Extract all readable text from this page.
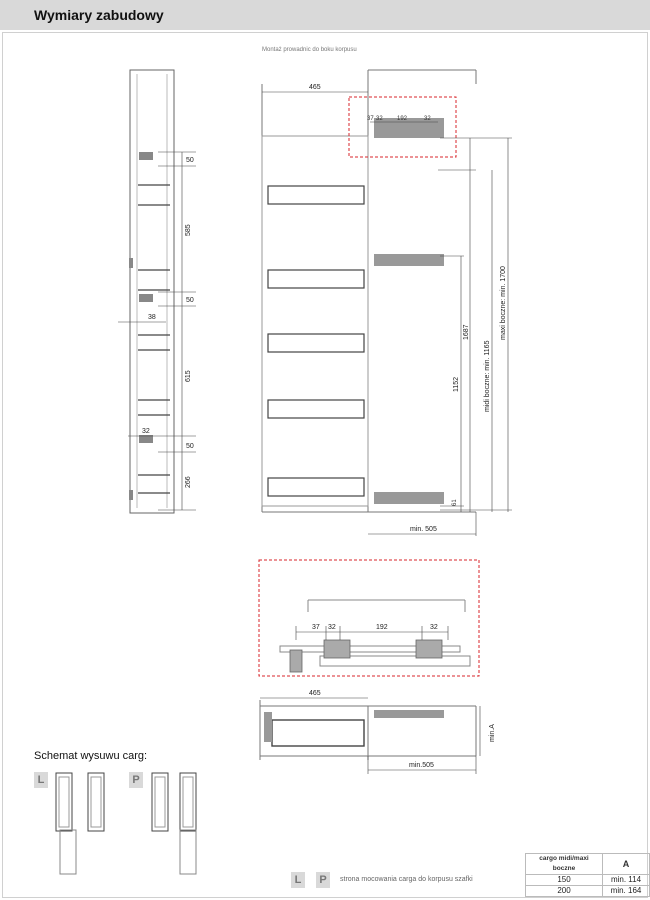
Wymiary zabudowy
Montaż prowadnic do boku korpusu
50
585
50
38
615
32
50
266
465
37 32 192	32
1687
1152	midi boczne: min. 1165
maxi boczne: min. 1700
61
min. 505
37 32	192	32
465
min.A
min.505
Schemat wysuwu carg:
L	P
L	P	strona mocowania carga do korpusu szafki
cargo midi/maxi boczne	A
150	min. 114
200	min. 164
